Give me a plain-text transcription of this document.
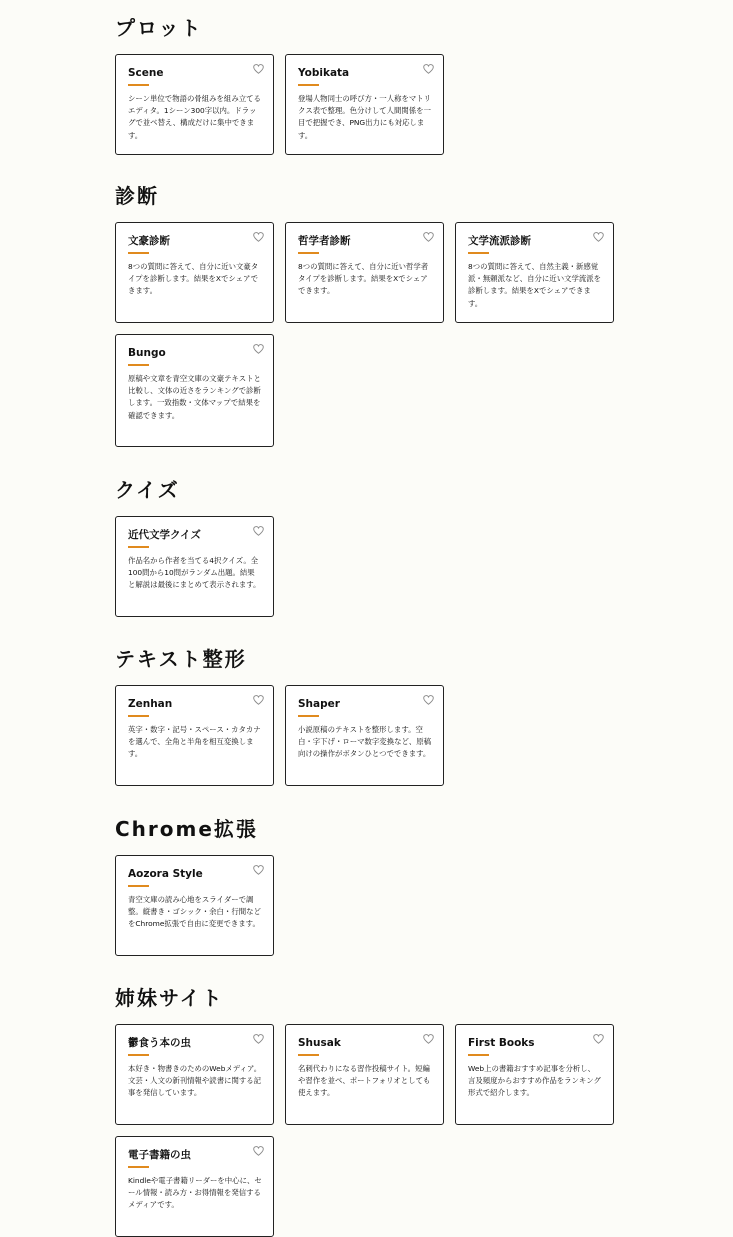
プロット
Scene

シーン単位で物語の骨組みを組み立てるエディタ。1シーン300字以内。ドラッグで並べ替え、構成だけに集中できます。

Yobikata

登場人物同士の呼び方・一人称をマトリクス表で整理。色分けして人間関係を一目で把握でき、PNG出力にも対応します。

診断
文豪診断

8つの質問に答えて、自分に近い文豪タイプを診断します。結果をXでシェアできます。

哲学者診断

8つの質問に答えて、自分に近い哲学者タイプを診断します。結果をXでシェアできます。

文学流派診断

8つの質問に答えて、自然主義・新感覚派・無頼派など、自分に近い文学流派を診断します。結果をXでシェアできます。

Bungo

原稿や文章を青空文庫の文豪テキストと比較し、文体の近さをランキングで診断します。一致指数・文体マップで結果を確認できます。

クイズ
近代文学クイズ

作品名から作者を当てる4択クイズ。全100問から10問がランダム出題。結果と解説は最後にまとめて表示されます。

テキスト整形
Zenhan

英字・数字・記号・スペース・カタカナを選んで、全角と半角を相互変換します。

Shaper

小説原稿のテキストを整形します。空白・字下げ・ローマ数字変換など、原稿向けの操作がボタンひとつでできます。

Chrome拡張
Aozora Style

青空文庫の読み心地をスライダーで調整。縦書き・ゴシック・余白・行間などをChrome拡張で自由に変更できます。

姉妹サイト
鬱食う本の虫

本好き・物書きのためのWebメディア。文芸・人文の新刊情報や読書に関する記事を発信しています。

Shusak

名刺代わりになる習作投稿サイト。短編や習作を並べ、ポートフォリオとしても使えます。

First Books

Web上の書籍おすすめ記事を分析し、言及頻度からおすすめ作品をランキング形式で紹介します。

電子書籍の虫

Kindleや電子書籍リーダーを中心に、セール情報・読み方・お得情報を発信するメディアです。
